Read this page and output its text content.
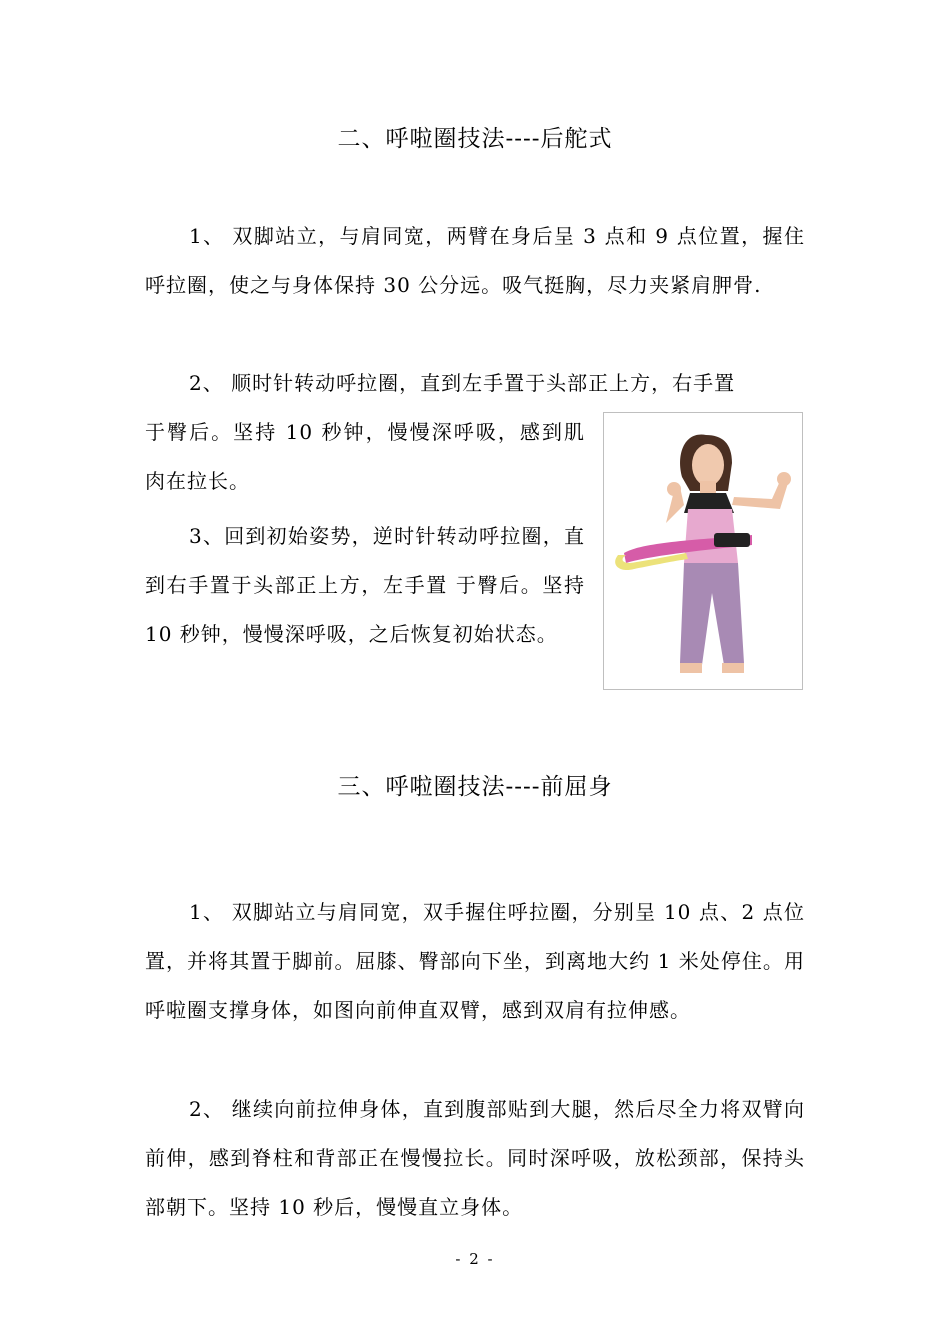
二、呼啦圈技法----后舵式

1、 双脚站立，与肩同宽，两臂在身后呈 3 点和 9 点位置，握住呼拉圈，使之与身体保持 30 公分远。吸气挺胸，尽力夹紧肩胛骨.

2、 顺时针转动呼拉圈，直到左手置于头部正上方，右手置

于臀后。坚持 10 秒钟，慢慢深呼吸，感到肌肉在拉长。

3、回到初始姿势，逆时针转动呼拉圈，直到右手置于头部正上方，左手置 于臀后。坚持 10 秒钟，慢慢深呼吸，之后恢复初始状态。

三、呼啦圈技法----前屈身

1、 双脚站立与肩同宽，双手握住呼拉圈，分别呈 10 点、2 点位置，并将其置于脚前。屈膝、臀部向下坐，到离地大约 1 米处停住。用呼啦圈支撑身体，如图向前伸直双臂，感到双肩有拉伸感。

2、 继续向前拉伸身体，直到腹部贴到大腿，然后尽全力将双臂向前伸，感到脊柱和背部正在慢慢拉长。同时深呼吸，放松颈部，保持头部朝下。坚持 10 秒后，慢慢直立身体。

- 2 -
